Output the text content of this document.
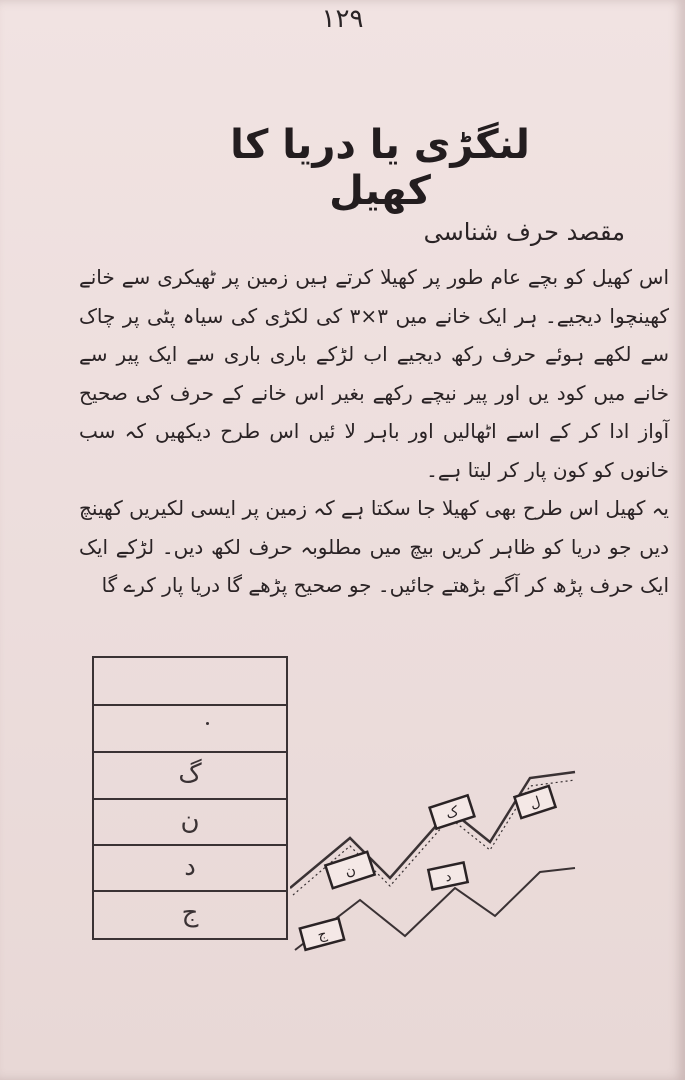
۱۲۹
لنگڑی یا دریا کا کھیل
مقصد حرف شناسی

اس کھیل کو بچے عام طور پر کھیلا کرتے ہیں زمین پر ٹھیکری سے خانے کھینچوا دیجیے۔ ہر ایک خانے میں ۳×۳ کی لکڑی کی سیاہ پٹی پر چاک سے لکھے ہوئے حرف رکھ دیجیے اب لڑکے باری باری سے ایک پیر سے خانے میں کود یں اور پیر نیچے رکھے بغیر اس خانے کے حرف کی صحیح آواز ادا کر کے اسے اٹھالیں اور باہر لا ئیں اس طرح دیکھیں کہ سب خانوں کو کون پار کر لیتا ہے۔

یہ کھیل اس طرح بھی کھیلا جا سکتا ہے کہ زمین پر ایسی لکیریں کھینچ دیں جو دریا کو ظاہر کریں بیچ میں مطلوبہ حرف لکھ دیں۔ لڑکے ایک ایک حرف پڑھ کر آگے بڑھتے جائیں۔ جو صحیح پڑھے گا دریا پار کرے گا

گ
ن
د
ج
ل
ک
ن	د
ج
